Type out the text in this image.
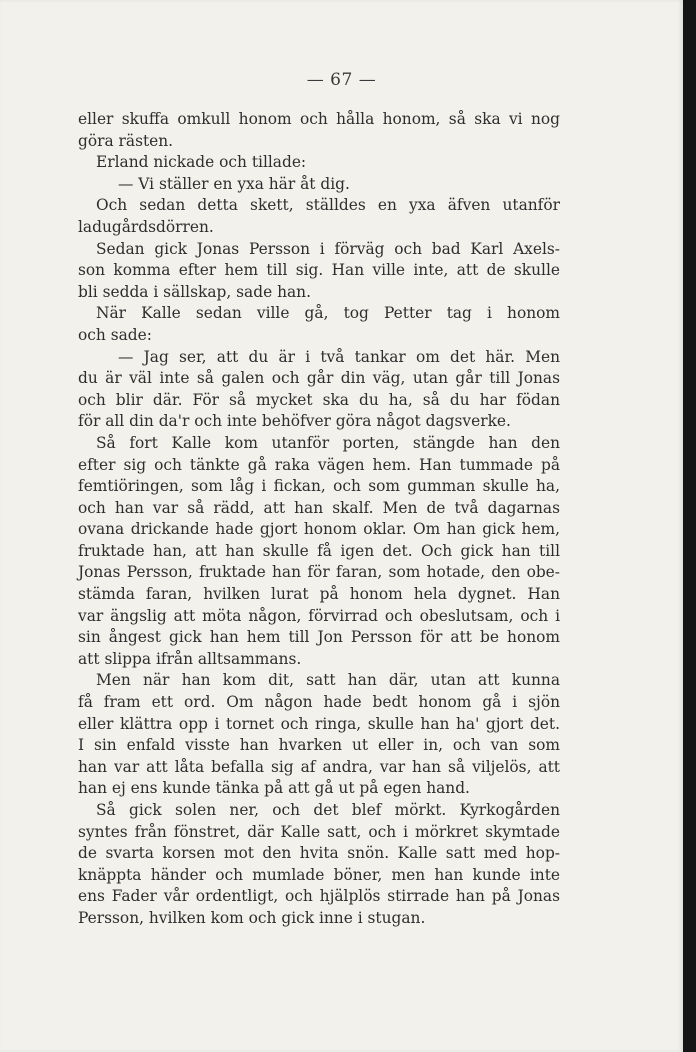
— 67 —
eller skuffa omkull honom och hålla honom, så ska vi nog
göra rästen.
Erland nickade och tillade:
— Vi ställer en yxa här åt dig.
Och sedan detta skett, ställdes en yxa äfven utanför
ladugårdsdörren.
Sedan gick Jonas Persson i förväg och bad Karl Axels-
son komma efter hem till sig. Han ville inte, att de skulle
bli sedda i sällskap, sade han.
När Kalle sedan ville gå, tog Petter tag i honom
och sade:
— Jag ser, att du är i två tankar om det här. Men
du är väl inte så galen och går din väg, utan går till Jonas
och blir där. För så mycket ska du ha, så du har födan
för all din da'r och inte behöfver göra något dagsverke.
Så fort Kalle kom utanför porten, stängde han den
efter sig och tänkte gå raka vägen hem. Han tummade på
femtiöringen, som låg i fickan, och som gumman skulle ha,
och han var så rädd, att han skalf. Men de två dagarnas
ovana drickande hade gjort honom oklar. Om han gick hem,
fruktade han, att han skulle få igen det. Och gick han till
Jonas Persson, fruktade han för faran, som hotade, den obe-
stämda faran, hvilken lurat på honom hela dygnet. Han
var ängslig att möta någon, förvirrad och obeslutsam, och i
sin ångest gick han hem till Jon Persson för att be honom
att slippa ifrån alltsammans.
Men när han kom dit, satt han där, utan att kunna
få fram ett ord. Om någon hade bedt honom gå i sjön
eller klättra opp i tornet och ringa, skulle han ha' gjort det.
I sin enfald visste han hvarken ut eller in, och van som
han var att låta befalla sig af andra, var han så viljelös, att
han ej ens kunde tänka på att gå ut på egen hand.
Så gick solen ner, och det blef mörkt. Kyrkogården
syntes från fönstret, där Kalle satt, och i mörkret skymtade
de svarta korsen mot den hvita snön. Kalle satt med hop-
knäppta händer och mumlade böner, men han kunde inte
ens Fader vår ordentligt, och hjälplös stirrade han på Jonas
Persson, hvilken kom och gick inne i stugan.
